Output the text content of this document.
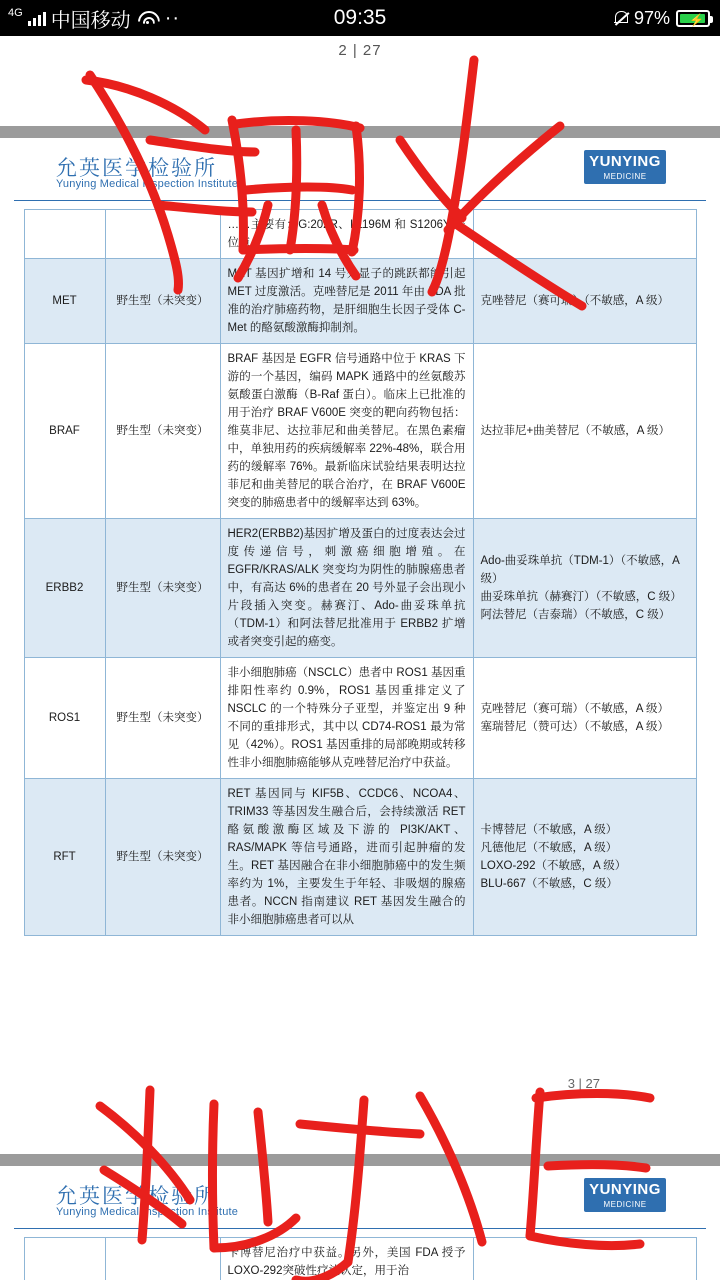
4G 中国移动 ··	09:35	97% ⚡
2 | 27
允英医学检验所
Yunying Medical Inspection Institute
YUNYING
MEDICINE
		……主要有：G:202R、L1196M 和 S1206Y 等位点。	
MET	野生型（未突变）	MET 基因扩增和 14 号外显子的跳跃都能引起 MET 过度激活。克唑替尼是 2011 年由 FDA 批准的治疗肺癌药物，是肝细胞生长因子受体 C-Met 的酪氨酸激酶抑制剂。	克唑替尼（赛可瑞）（不敏感，A 级）
BRAF	野生型（未突变）	BRAF 基因是 EGFR 信号通路中位于 KRAS 下游的一个基因，编码 MAPK 通路中的丝氨酸苏氨酸蛋白激酶（B-Raf 蛋白）。临床上已批准的用于治疗 BRAF V600E 突变的靶向药物包括：维莫非尼、达拉菲尼和曲美替尼。在黑色素瘤中，单独用药的疾病缓解率 22%-48%，联合用药的缓解率 76%。最新临床试验结果表明达拉菲尼和曲美替尼的联合治疗，在 BRAF V600E 突变的肺癌患者中的缓解率达到 63%。	达拉菲尼+曲美替尼（不敏感，A 级）
ERBB2	野生型（未突变）	HER2(ERBB2)基因扩增及蛋白的过度表达会过度传递信号，刺激癌细胞增殖。在 EGFR/KRAS/ALK 突变均为阴性的肺腺癌患者中，有高达 6%的患者在 20 号外显子会出现小片段插入突变。赫赛汀、Ado-曲妥珠单抗（TDM-1）和阿法替尼批准用于 ERBB2 扩增或者突变引起的癌变。	Ado-曲妥珠单抗（TDM-1）（不敏感，A 级）
曲妥珠单抗（赫赛汀）（不敏感，C 级）
阿法替尼（吉泰瑞）（不敏感，C 级）
ROS1	野生型（未突变）	非小细胞肺癌（NSCLC）患者中 ROS1 基因重排阳性率约 0.9%，ROS1 基因重排定义了 NSCLC 的一个特殊分子亚型，并鉴定出 9 种不同的重排形式，其中以 CD74-ROS1 最为常见（42%）。ROS1 基因重排的局部晚期或转移性非小细胞肺癌能够从克唑替尼治疗中获益。	克唑替尼（赛可瑞）（不敏感，A 级）
塞瑞替尼（赞可达）（不敏感，A 级）
RFT	野生型（未突变）	RET 基因同与 KIF5B、CCDC6、NCOA4、TRIM33 等基因发生融合后，会持续激活 RET 酪氨酸激酶区域及下游的 PI3K/AKT、RAS/MAPK 等信号通路，进而引起肿瘤的发生。RET 基因融合在非小细胞肺癌中的发生频率约为 1%，主要发生于年轻、非吸烟的腺癌患者。NCCN 指南建议 RET 基因发生融合的非小细胞肺癌患者可以从	卡博替尼（不敏感，A 级）
凡德他尼（不敏感，A 级）
LOXO-292（不敏感，A 级）
BLU-667（不敏感，C 级）
3 | 27
允英医学检验所
Yunying Medical Inspection Institute
YUNYING
MEDICINE
		卡博替尼治疗中获益。另外，美国 FDA 授予 LOXO-292突破性疗法认定，用于治	
